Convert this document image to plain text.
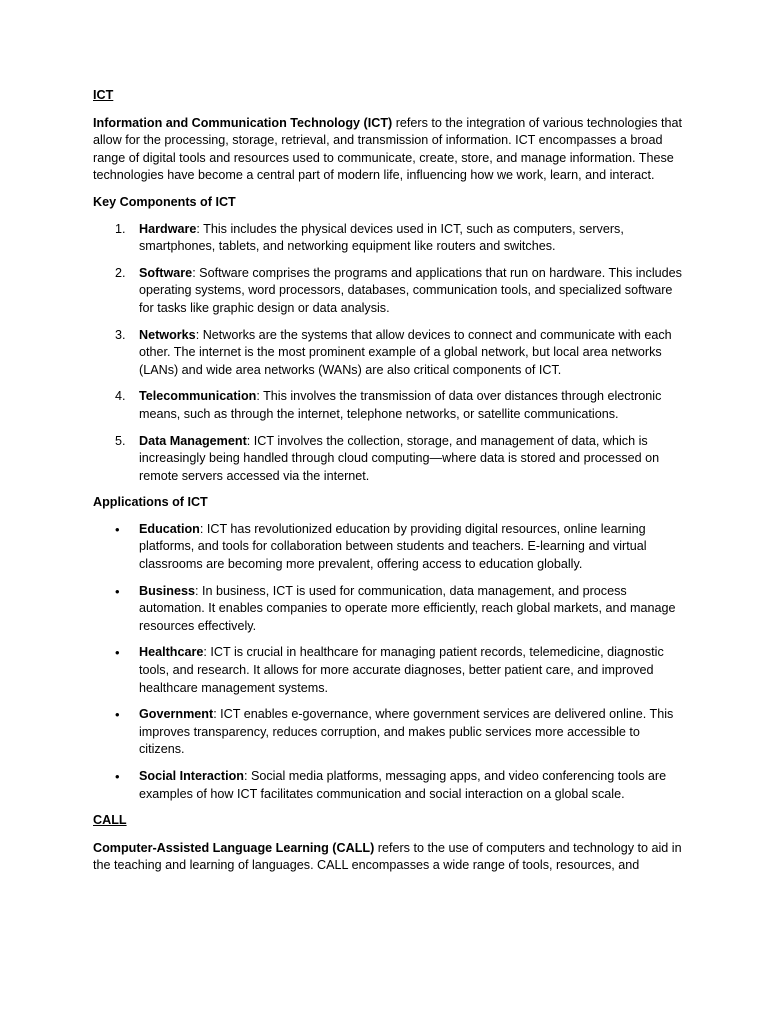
ICT

Information and Communication Technology (ICT) refers to the integration of various technologies that allow for the processing, storage, retrieval, and transmission of information. ICT encompasses a broad range of digital tools and resources used to communicate, create, store, and manage information. These technologies have become a central part of modern life, influencing how we work, learn, and interact.

Key Components of ICT
1.	Hardware: This includes the physical devices used in ICT, such as computers, servers, smartphones, tablets, and networking equipment like routers and switches.
2.	Software: Software comprises the programs and applications that run on hardware. This includes operating systems, word processors, databases, communication tools, and specialized software for tasks like graphic design or data analysis.
3.	Networks: Networks are the systems that allow devices to connect and communicate with each other. The internet is the most prominent example of a global network, but local area networks (LANs) and wide area networks (WANs) are also critical components of ICT.
4.	Telecommunication: This involves the transmission of data over distances through electronic means, such as through the internet, telephone networks, or satellite communications.
5.	Data Management: ICT involves the collection, storage, and management of data, which is increasingly being handled through cloud computing—where data is stored and processed on remote servers accessed via the internet.
Applications of ICT
•	Education: ICT has revolutionized education by providing digital resources, online learning platforms, and tools for collaboration between students and teachers. E-learning and virtual classrooms are becoming more prevalent, offering access to education globally.
•	Business: In business, ICT is used for communication, data management, and process automation. It enables companies to operate more efficiently, reach global markets, and manage resources effectively.
•	Healthcare: ICT is crucial in healthcare for managing patient records, telemedicine, diagnostic tools, and research. It allows for more accurate diagnoses, better patient care, and improved healthcare management systems.
•	Government: ICT enables e-governance, where government services are delivered online. This improves transparency, reduces corruption, and makes public services more accessible to citizens.
•	Social Interaction: Social media platforms, messaging apps, and video conferencing tools are examples of how ICT facilitates communication and social interaction on a global scale.
CALL

Computer-Assisted Language Learning (CALL) refers to the use of computers and technology to aid in the teaching and learning of languages. CALL encompasses a wide range of tools, resources, and
